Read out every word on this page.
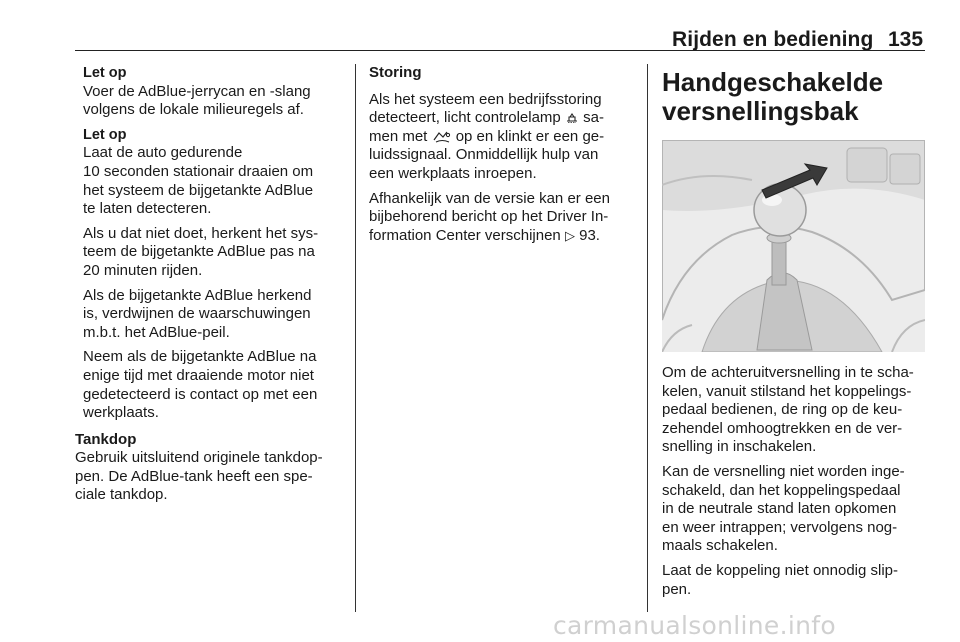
Rijden en bediening 135
Let op
Voer de AdBlue-jerrycan en -slang
volgens de lokale milieuregels af.
Let op
Laat de auto gedurende
10 seconden stationair draaien om
het systeem de bijgetankte AdBlue
te laten detecteren.
Als u dat niet doet, herkent het sys-
teem de bijgetankte AdBlue pas na
20 minuten rijden.
Als de bijgetankte AdBlue herkend
is, verdwijnen de waarschuwingen
m.b.t. het AdBlue-peil.
Neem als de bijgetankte AdBlue na
enige tijd met draaiende motor niet
gedetecteerd is contact op met een
werkplaats.
Tankdop
Gebruik uitsluitend originele tankdop-
pen. De AdBlue-tank heeft een spe-
ciale tankdop.
Storing
Als het systeem een bedrijfsstoring
detecteert, licht controlelamp  sa-
men met  op en klinkt er een ge-
luidssignaal. Onmiddellijk hulp van
een werkplaats inroepen.
Afhankelijk van de versie kan er een
bijbehorend bericht op het Driver In-
formation Center verschijnen ▷ 93.
Handgeschakelde
versnellingsbak
Om de achteruitversnelling in te scha-
kelen, vanuit stilstand het koppelings-
pedaal bedienen, de ring op de keu-
zehendel omhoogtrekken en de ver-
snelling in inschakelen.
Kan de versnelling niet worden inge-
schakeld, dan het koppelingspedaal
in de neutrale stand laten opkomen
en weer intrappen; vervolgens nog-
maals schakelen.
Laat de koppeling niet onnodig slip-
pen.
carmanualsonline.info
